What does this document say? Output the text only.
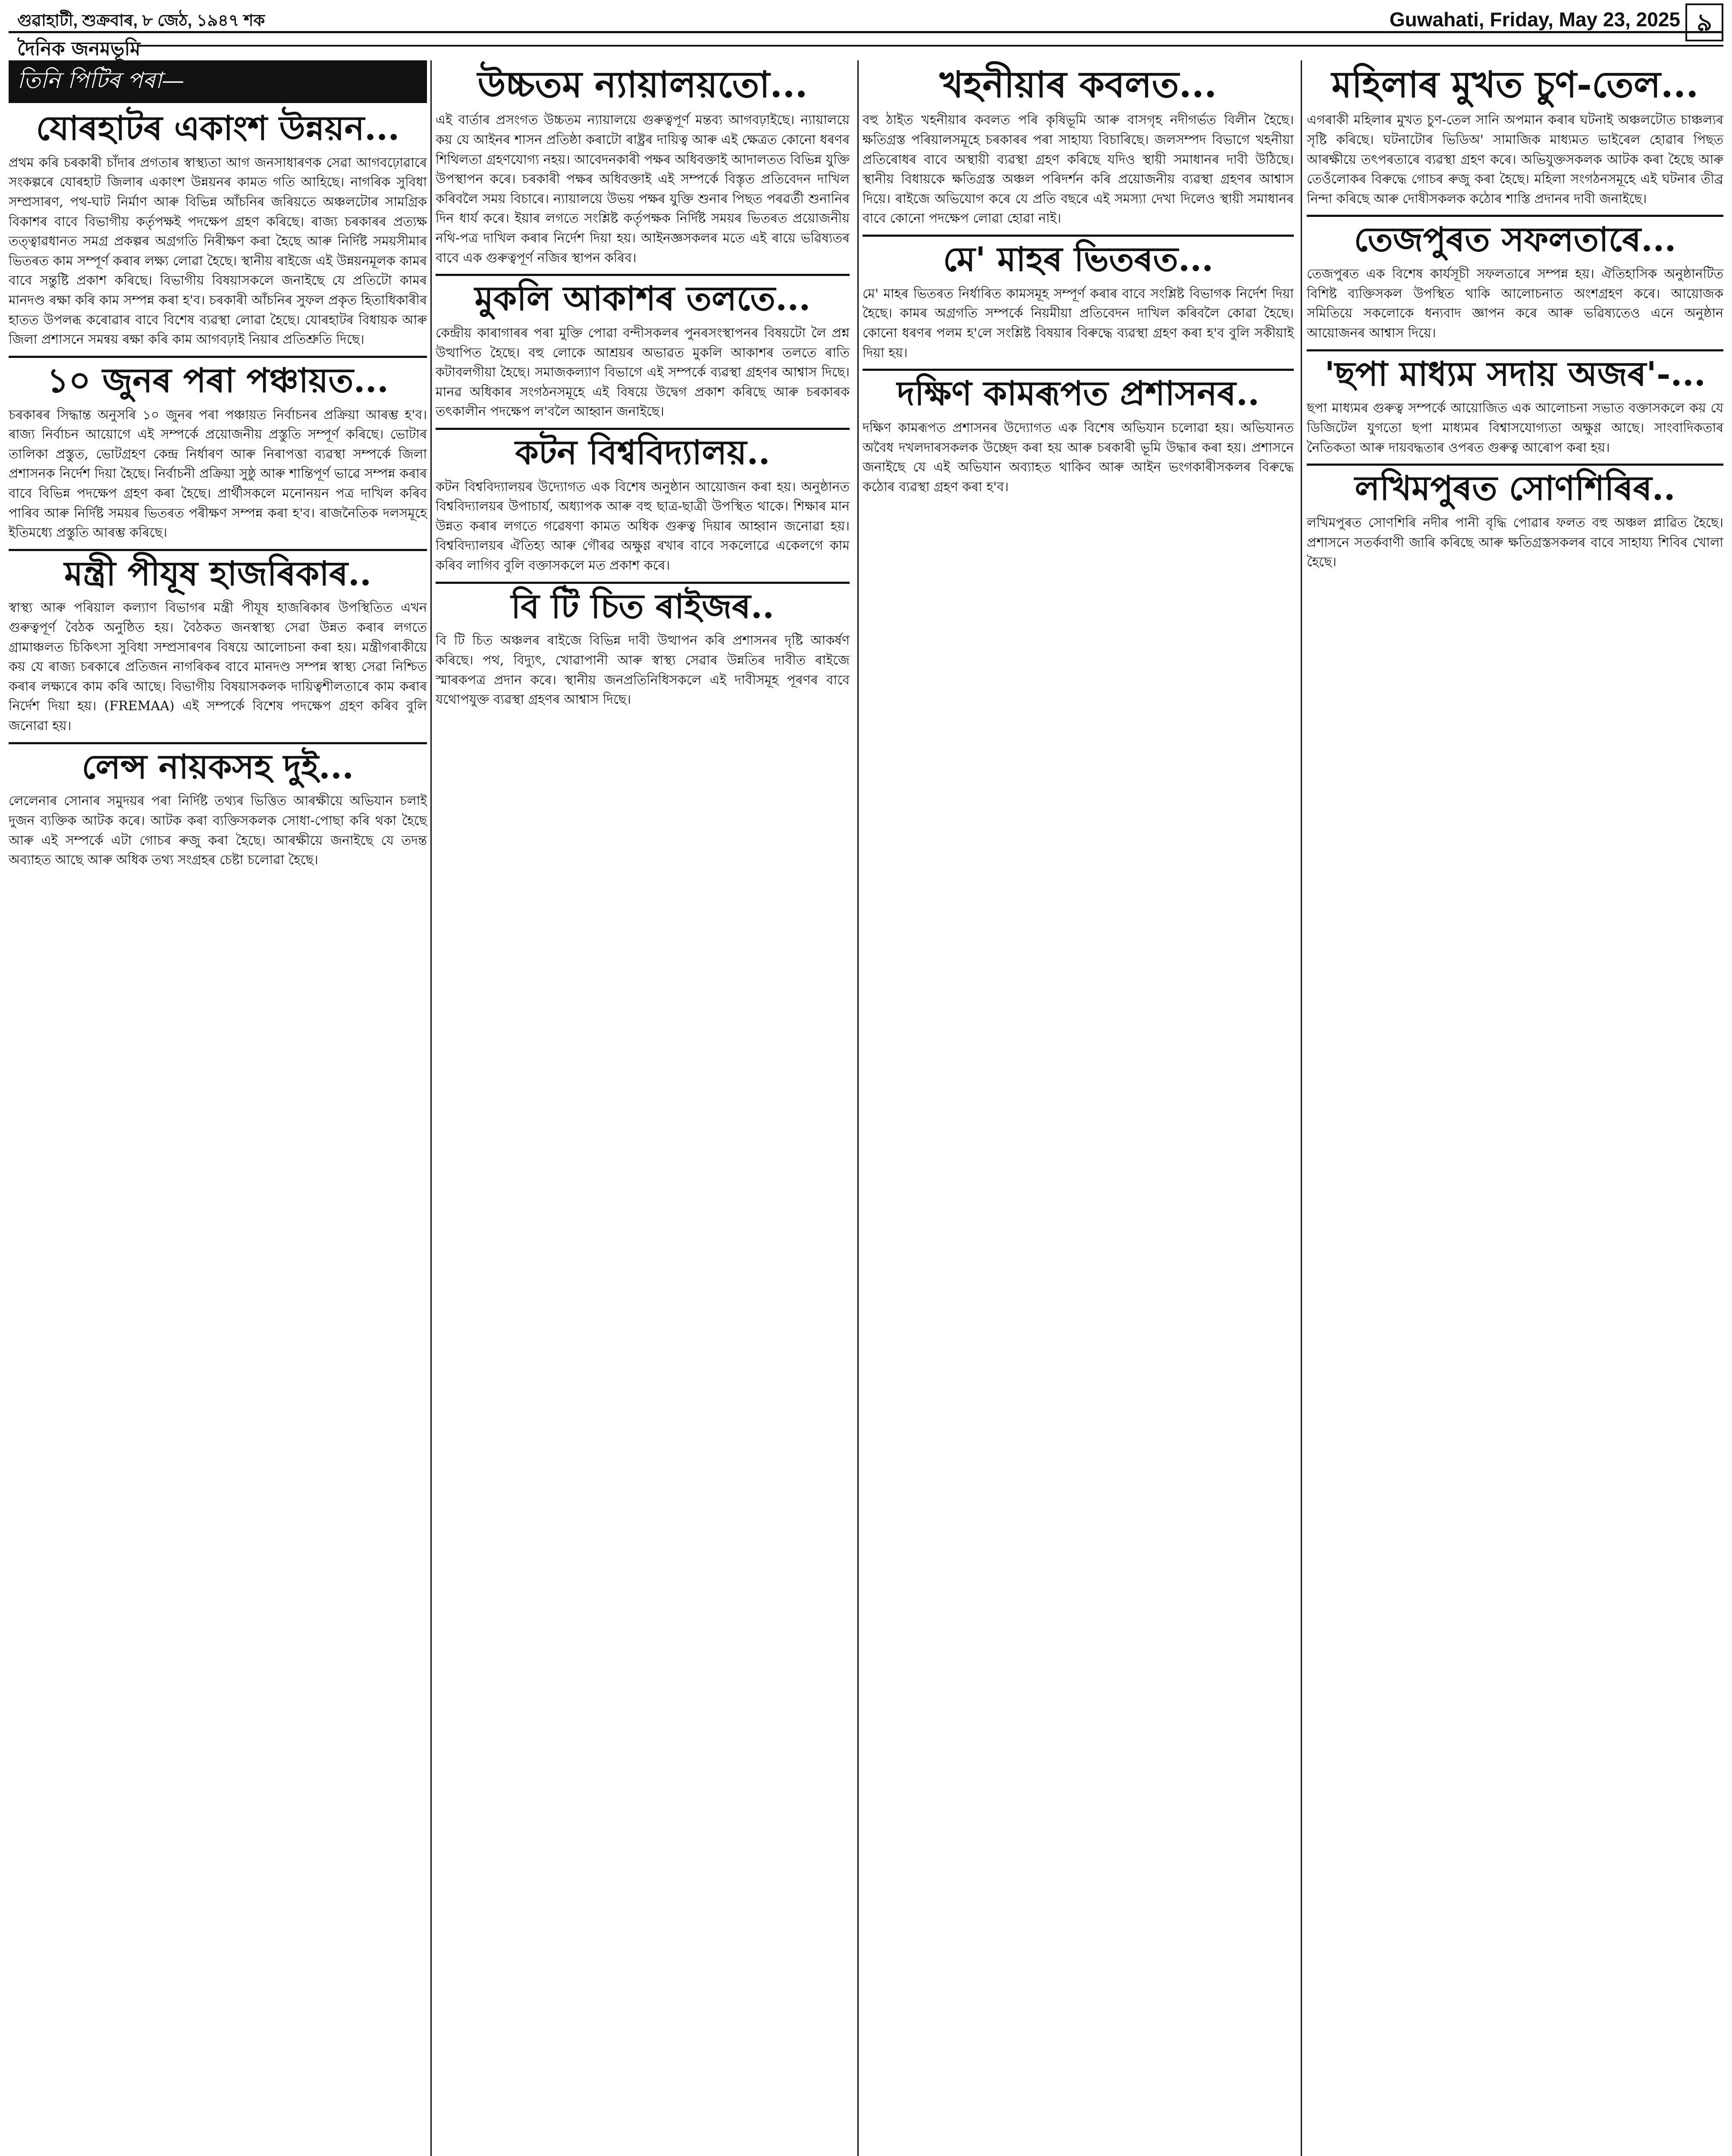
গুৱাহাটী, শুক্ৰবাৰ, ৮ জেঠ, ১৯৪৭ শক	Guwahati, Friday, May 23, 2025 ৯
দৈনিক জনমভূমি
তিনি পিটিৰ পৰা—
যোৰহাটৰ একাংশ উন্নয়ন...

প্ৰথম কৰি চৰকাৰী চাঁদাৰ প্ৰগতাৰ স্বাস্থ্যতা আগ জনসাধাৰণক সেৱা আগবঢ়োৱাৰে সংকল্পৰে যোৰহাট জিলাৰ একাংশ উন্নয়নৰ কামত গতি আহিছে। নাগৰিক সুবিধা সম্প্ৰসাৰণ, পথ-ঘাট নিৰ্মাণ আৰু বিভিন্ন আঁচনিৰ জৰিয়তে অঞ্চলটোৰ সামগ্ৰিক বিকাশৰ বাবে বিভাগীয় কৰ্তৃপক্ষই পদক্ষেপ গ্ৰহণ কৰিছে। ৰাজ্য চৰকাৰৰ প্ৰত্যক্ষ তত্ত্বাৱধানত সমগ্ৰ প্ৰকল্পৰ অগ্ৰগতি নিৰীক্ষণ কৰা হৈছে আৰু নিৰ্দিষ্ট সময়সীমাৰ ভিতৰত কাম সম্পূৰ্ণ কৰাৰ লক্ষ্য লোৱা হৈছে। স্থানীয় ৰাইজে এই উন্নয়নমূলক কামৰ বাবে সন্তুষ্টি প্ৰকাশ কৰিছে। বিভাগীয় বিষয়াসকলে জনাইছে যে প্ৰতিটো কামৰ মানদণ্ড ৰক্ষা কৰি কাম সম্পন্ন কৰা হ'ব। চৰকাৰী আঁচনিৰ সুফল প্ৰকৃত হিতাধিকাৰীৰ হাতত উপলব্ধ কৰোৱাৰ বাবে বিশেষ ব্যৱস্থা লোৱা হৈছে। যোৰহাটৰ বিধায়ক আৰু জিলা প্ৰশাসনে সমন্বয় ৰক্ষা কৰি কাম আগবঢ়াই নিয়াৰ প্ৰতিশ্ৰুতি দিছে।

১০ জুনৰ পৰা পঞ্চায়ত...

চৰকাৰৰ সিদ্ধান্ত অনুসৰি ১০ জুনৰ পৰা পঞ্চায়ত নিৰ্বাচনৰ প্ৰক্ৰিয়া আৰম্ভ হ'ব। ৰাজ্য নিৰ্বাচন আয়োগে এই সম্পৰ্কে প্ৰয়োজনীয় প্ৰস্তুতি সম্পূৰ্ণ কৰিছে। ভোটাৰ তালিকা প্ৰস্তুত, ভোটগ্ৰহণ কেন্দ্ৰ নিৰ্ধাৰণ আৰু নিৰাপত্তা ব্যৱস্থা সম্পৰ্কে জিলা প্ৰশাসনক নিৰ্দেশ দিয়া হৈছে। নিৰ্বাচনী প্ৰক্ৰিয়া সুষ্ঠু আৰু শান্তিপূৰ্ণ ভাৱে সম্পন্ন কৰাৰ বাবে বিভিন্ন পদক্ষেপ গ্ৰহণ কৰা হৈছে। প্ৰাৰ্থীসকলে মনোনয়ন পত্ৰ দাখিল কৰিব পাৰিব আৰু নিৰ্দিষ্ট সময়ৰ ভিতৰত পৰীক্ষণ সম্পন্ন কৰা হ'ব। ৰাজনৈতিক দলসমূহে ইতিমধ্যে প্ৰস্তুতি আৰম্ভ কৰিছে।

মন্ত্ৰী পীযূষ হাজৰিকাৰ..

স্বাস্থ্য আৰু পৰিয়াল কল্যাণ বিভাগৰ মন্ত্ৰী পীযূষ হাজৰিকাৰ উপস্থিতিত এখন গুৰুত্বপূৰ্ণ বৈঠক অনুষ্ঠিত হয়। বৈঠকত জনস্বাস্থ্য সেৱা উন্নত কৰাৰ লগতে গ্ৰামাঞ্চলত চিকিৎসা সুবিধা সম্প্ৰসাৰণৰ বিষয়ে আলোচনা কৰা হয়। মন্ত্ৰীগৰাকীয়ে কয় যে ৰাজ্য চৰকাৰে প্ৰতিজন নাগৰিকৰ বাবে মানদণ্ড সম্পন্ন স্বাস্থ্য সেৱা নিশ্চিত কৰাৰ লক্ষ্যৰে কাম কৰি আছে। বিভাগীয় বিষয়াসকলক দায়িত্বশীলতাৰে কাম কৰাৰ নিৰ্দেশ দিয়া হয়। (FREMAA) এই সম্পৰ্কে বিশেষ পদক্ষেপ গ্ৰহণ কৰিব বুলি জনোৱা হয়।

লেন্স নায়কসহ দুই...

লেলেনাৰ সোনাৰ সমুদয়ৰ পৰা নিৰ্দিষ্ট তথ্যৰ ভিত্তিত আৰক্ষীয়ে অভিযান চলাই দুজন ব্যক্তিক আটক কৰে। আটক কৰা ব্যক্তিসকলক সোধা-পোছা কৰি থকা হৈছে আৰু এই সম্পৰ্কে এটা গোচৰ ৰুজু কৰা হৈছে। আৰক্ষীয়ে জনাইছে যে তদন্ত অব্যাহত আছে আৰু অধিক তথ্য সংগ্ৰহৰ চেষ্টা চলোৱা হৈছে।

উচ্চতম ন্যায়ালয়তো...

এই বাৰ্তাৰ প্ৰসংগত উচ্চতম ন্যায়ালয়ে গুৰুত্বপূৰ্ণ মন্তব্য আগবঢ়াইছে। ন্যায়ালয়ে কয় যে আইনৰ শাসন প্ৰতিষ্ঠা কৰাটো ৰাষ্ট্ৰৰ দায়িত্ব আৰু এই ক্ষেত্ৰত কোনো ধৰণৰ শিথিলতা গ্ৰহণযোগ্য নহয়। আবেদনকাৰী পক্ষৰ অধিবক্তাই আদালতত বিভিন্ন যুক্তি উপস্থাপন কৰে। চৰকাৰী পক্ষৰ অধিবক্তাই এই সম্পৰ্কে বিস্তৃত প্ৰতিবেদন দাখিল কৰিবলৈ সময় বিচাৰে। ন্যায়ালয়ে উভয় পক্ষৰ যুক্তি শুনাৰ পিছত পৰৱৰ্তী শুনানিৰ দিন ধাৰ্য কৰে। ইয়াৰ লগতে সংশ্লিষ্ট কৰ্তৃপক্ষক নিৰ্দিষ্ট সময়ৰ ভিতৰত প্ৰয়োজনীয় নথি-পত্ৰ দাখিল কৰাৰ নিৰ্দেশ দিয়া হয়। আইনজ্ঞসকলৰ মতে এই ৰায়ে ভৱিষ্যতৰ বাবে এক গুৰুত্বপূৰ্ণ নজিৰ স্থাপন কৰিব।

মুকলি আকাশৰ তলতে...

কেন্দ্ৰীয় কাৰাগাৰৰ পৰা মুক্তি পোৱা বন্দীসকলৰ পুনৰসংস্থাপনৰ বিষয়টো লৈ প্ৰশ্ন উত্থাপিত হৈছে। বহু লোকে আশ্ৰয়ৰ অভাৱত মুকলি আকাশৰ তলতে ৰাতি কটাবলগীয়া হৈছে। সমাজকল্যাণ বিভাগে এই সম্পৰ্কে ব্যৱস্থা গ্ৰহণৰ আশ্বাস দিছে। মানৱ অধিকাৰ সংগঠনসমূহে এই বিষয়ে উদ্বেগ প্ৰকাশ কৰিছে আৰু চৰকাৰক তৎকালীন পদক্ষেপ ল'বলৈ আহ্বান জনাইছে।

কটন বিশ্ববিদ্যালয়..

কটন বিশ্ববিদ্যালয়ৰ উদ্যোগত এক বিশেষ অনুষ্ঠান আয়োজন কৰা হয়। অনুষ্ঠানত বিশ্ববিদ্যালয়ৰ উপাচাৰ্য, অধ্যাপক আৰু বহু ছাত্ৰ-ছাত্ৰী উপস্থিত থাকে। শিক্ষাৰ মান উন্নত কৰাৰ লগতে গৱেষণা কামত অধিক গুৰুত্ব দিয়াৰ আহ্বান জনোৱা হয়। বিশ্ববিদ্যালয়ৰ ঐতিহ্য আৰু গৌৰৱ অক্ষুণ্ণ ৰখাৰ বাবে সকলোৱে একেলগে কাম কৰিব লাগিব বুলি বক্তাসকলে মত প্ৰকাশ কৰে।

বি টি চিত ৰাইজৰ..

বি টি চিত অঞ্চলৰ ৰাইজে বিভিন্ন দাবী উত্থাপন কৰি প্ৰশাসনৰ দৃষ্টি আকৰ্ষণ কৰিছে। পথ, বিদ্যুৎ, খোৱাপানী আৰু স্বাস্থ্য সেৱাৰ উন্নতিৰ দাবীত ৰাইজে স্মাৰকপত্ৰ প্ৰদান কৰে। স্থানীয় জনপ্ৰতিনিধিসকলে এই দাবীসমূহ পূৰণৰ বাবে যথোপযুক্ত ব্যৱস্থা গ্ৰহণৰ আশ্বাস দিছে।

খহনীয়াৰ কবলত...

বহু ঠাইত খহনীয়াৰ কবলত পৰি কৃষিভূমি আৰু বাসগৃহ নদীগৰ্ভত বিলীন হৈছে। ক্ষতিগ্ৰস্ত পৰিয়ালসমূহে চৰকাৰৰ পৰা সাহায্য বিচাৰিছে। জলসম্পদ বিভাগে খহনীয়া প্ৰতিৰোধৰ বাবে অস্থায়ী ব্যৱস্থা গ্ৰহণ কৰিছে যদিও স্থায়ী সমাধানৰ দাবী উঠিছে। স্থানীয় বিধায়কে ক্ষতিগ্ৰস্ত অঞ্চল পৰিদৰ্শন কৰি প্ৰয়োজনীয় ব্যৱস্থা গ্ৰহণৰ আশ্বাস দিয়ে। ৰাইজে অভিযোগ কৰে যে প্ৰতি বছৰে এই সমস্যা দেখা দিলেও স্থায়ী সমাধানৰ বাবে কোনো পদক্ষেপ লোৱা হোৱা নাই।

মে' মাহৰ ভিতৰত...

মে' মাহৰ ভিতৰত নিৰ্ধাৰিত কামসমূহ সম্পূৰ্ণ কৰাৰ বাবে সংশ্লিষ্ট বিভাগক নিৰ্দেশ দিয়া হৈছে। কামৰ অগ্ৰগতি সম্পৰ্কে নিয়মীয়া প্ৰতিবেদন দাখিল কৰিবলৈ কোৱা হৈছে। কোনো ধৰণৰ পলম হ'লে সংশ্লিষ্ট বিষয়াৰ বিৰুদ্ধে ব্যৱস্থা গ্ৰহণ কৰা হ'ব বুলি সকীয়াই দিয়া হয়।

দক্ষিণ কামৰূপত প্ৰশাসনৰ..

দক্ষিণ কামৰূপত প্ৰশাসনৰ উদ্যোগত এক বিশেষ অভিযান চলোৱা হয়। অভিযানত অবৈধ দখলদাৰসকলক উচ্ছেদ কৰা হয় আৰু চৰকাৰী ভূমি উদ্ধাৰ কৰা হয়। প্ৰশাসনে জনাইছে যে এই অভিযান অব্যাহত থাকিব আৰু আইন ভংগকাৰীসকলৰ বিৰুদ্ধে কঠোৰ ব্যৱস্থা গ্ৰহণ কৰা হ'ব।

মহিলাৰ মুখত চুণ-তেল...

এগৰাকী মহিলাৰ মুখত চুণ-তেল সানি অপমান কৰাৰ ঘটনাই অঞ্চলটোত চাঞ্চল্যৰ সৃষ্টি কৰিছে। ঘটনাটোৰ ভিডিঅ' সামাজিক মাধ্যমত ভাইৰেল হোৱাৰ পিছত আৰক্ষীয়ে তৎপৰতাৰে ব্যৱস্থা গ্ৰহণ কৰে। অভিযুক্তসকলক আটক কৰা হৈছে আৰু তেওঁলোকৰ বিৰুদ্ধে গোচৰ ৰুজু কৰা হৈছে। মহিলা সংগঠনসমূহে এই ঘটনাৰ তীব্ৰ নিন্দা কৰিছে আৰু দোষীসকলক কঠোৰ শাস্তি প্ৰদানৰ দাবী জনাইছে।

তেজপুৰত সফলতাৰে...

তেজপুৰত এক বিশেষ কাৰ্যসূচী সফলতাৰে সম্পন্ন হয়। ঐতিহাসিক অনুষ্ঠানটিত বিশিষ্ট ব্যক্তিসকল উপস্থিত থাকি আলোচনাত অংশগ্ৰহণ কৰে। আয়োজক সমিতিয়ে সকলোকে ধন্যবাদ জ্ঞাপন কৰে আৰু ভৱিষ্যতেও এনে অনুষ্ঠান আয়োজনৰ আশ্বাস দিয়ে।

'ছপা মাধ্যম সদায় অজৰ'-...

ছপা মাধ্যমৰ গুৰুত্ব সম্পৰ্কে আয়োজিত এক আলোচনা সভাত বক্তাসকলে কয় যে ডিজিটেল যুগতো ছপা মাধ্যমৰ বিশ্বাসযোগ্যতা অক্ষুণ্ণ আছে। সাংবাদিকতাৰ নৈতিকতা আৰু দায়বদ্ধতাৰ ওপৰত গুৰুত্ব আৰোপ কৰা হয়।

লখিমপুৰত সোণশিৰিৰ..

লখিমপুৰত সোণশিৰি নদীৰ পানী বৃদ্ধি পোৱাৰ ফলত বহু অঞ্চল প্লাৱিত হৈছে। প্ৰশাসনে সতৰ্কবাণী জাৰি কৰিছে আৰু ক্ষতিগ্ৰস্তসকলৰ বাবে সাহায্য শিবিৰ খোলা হৈছে।
